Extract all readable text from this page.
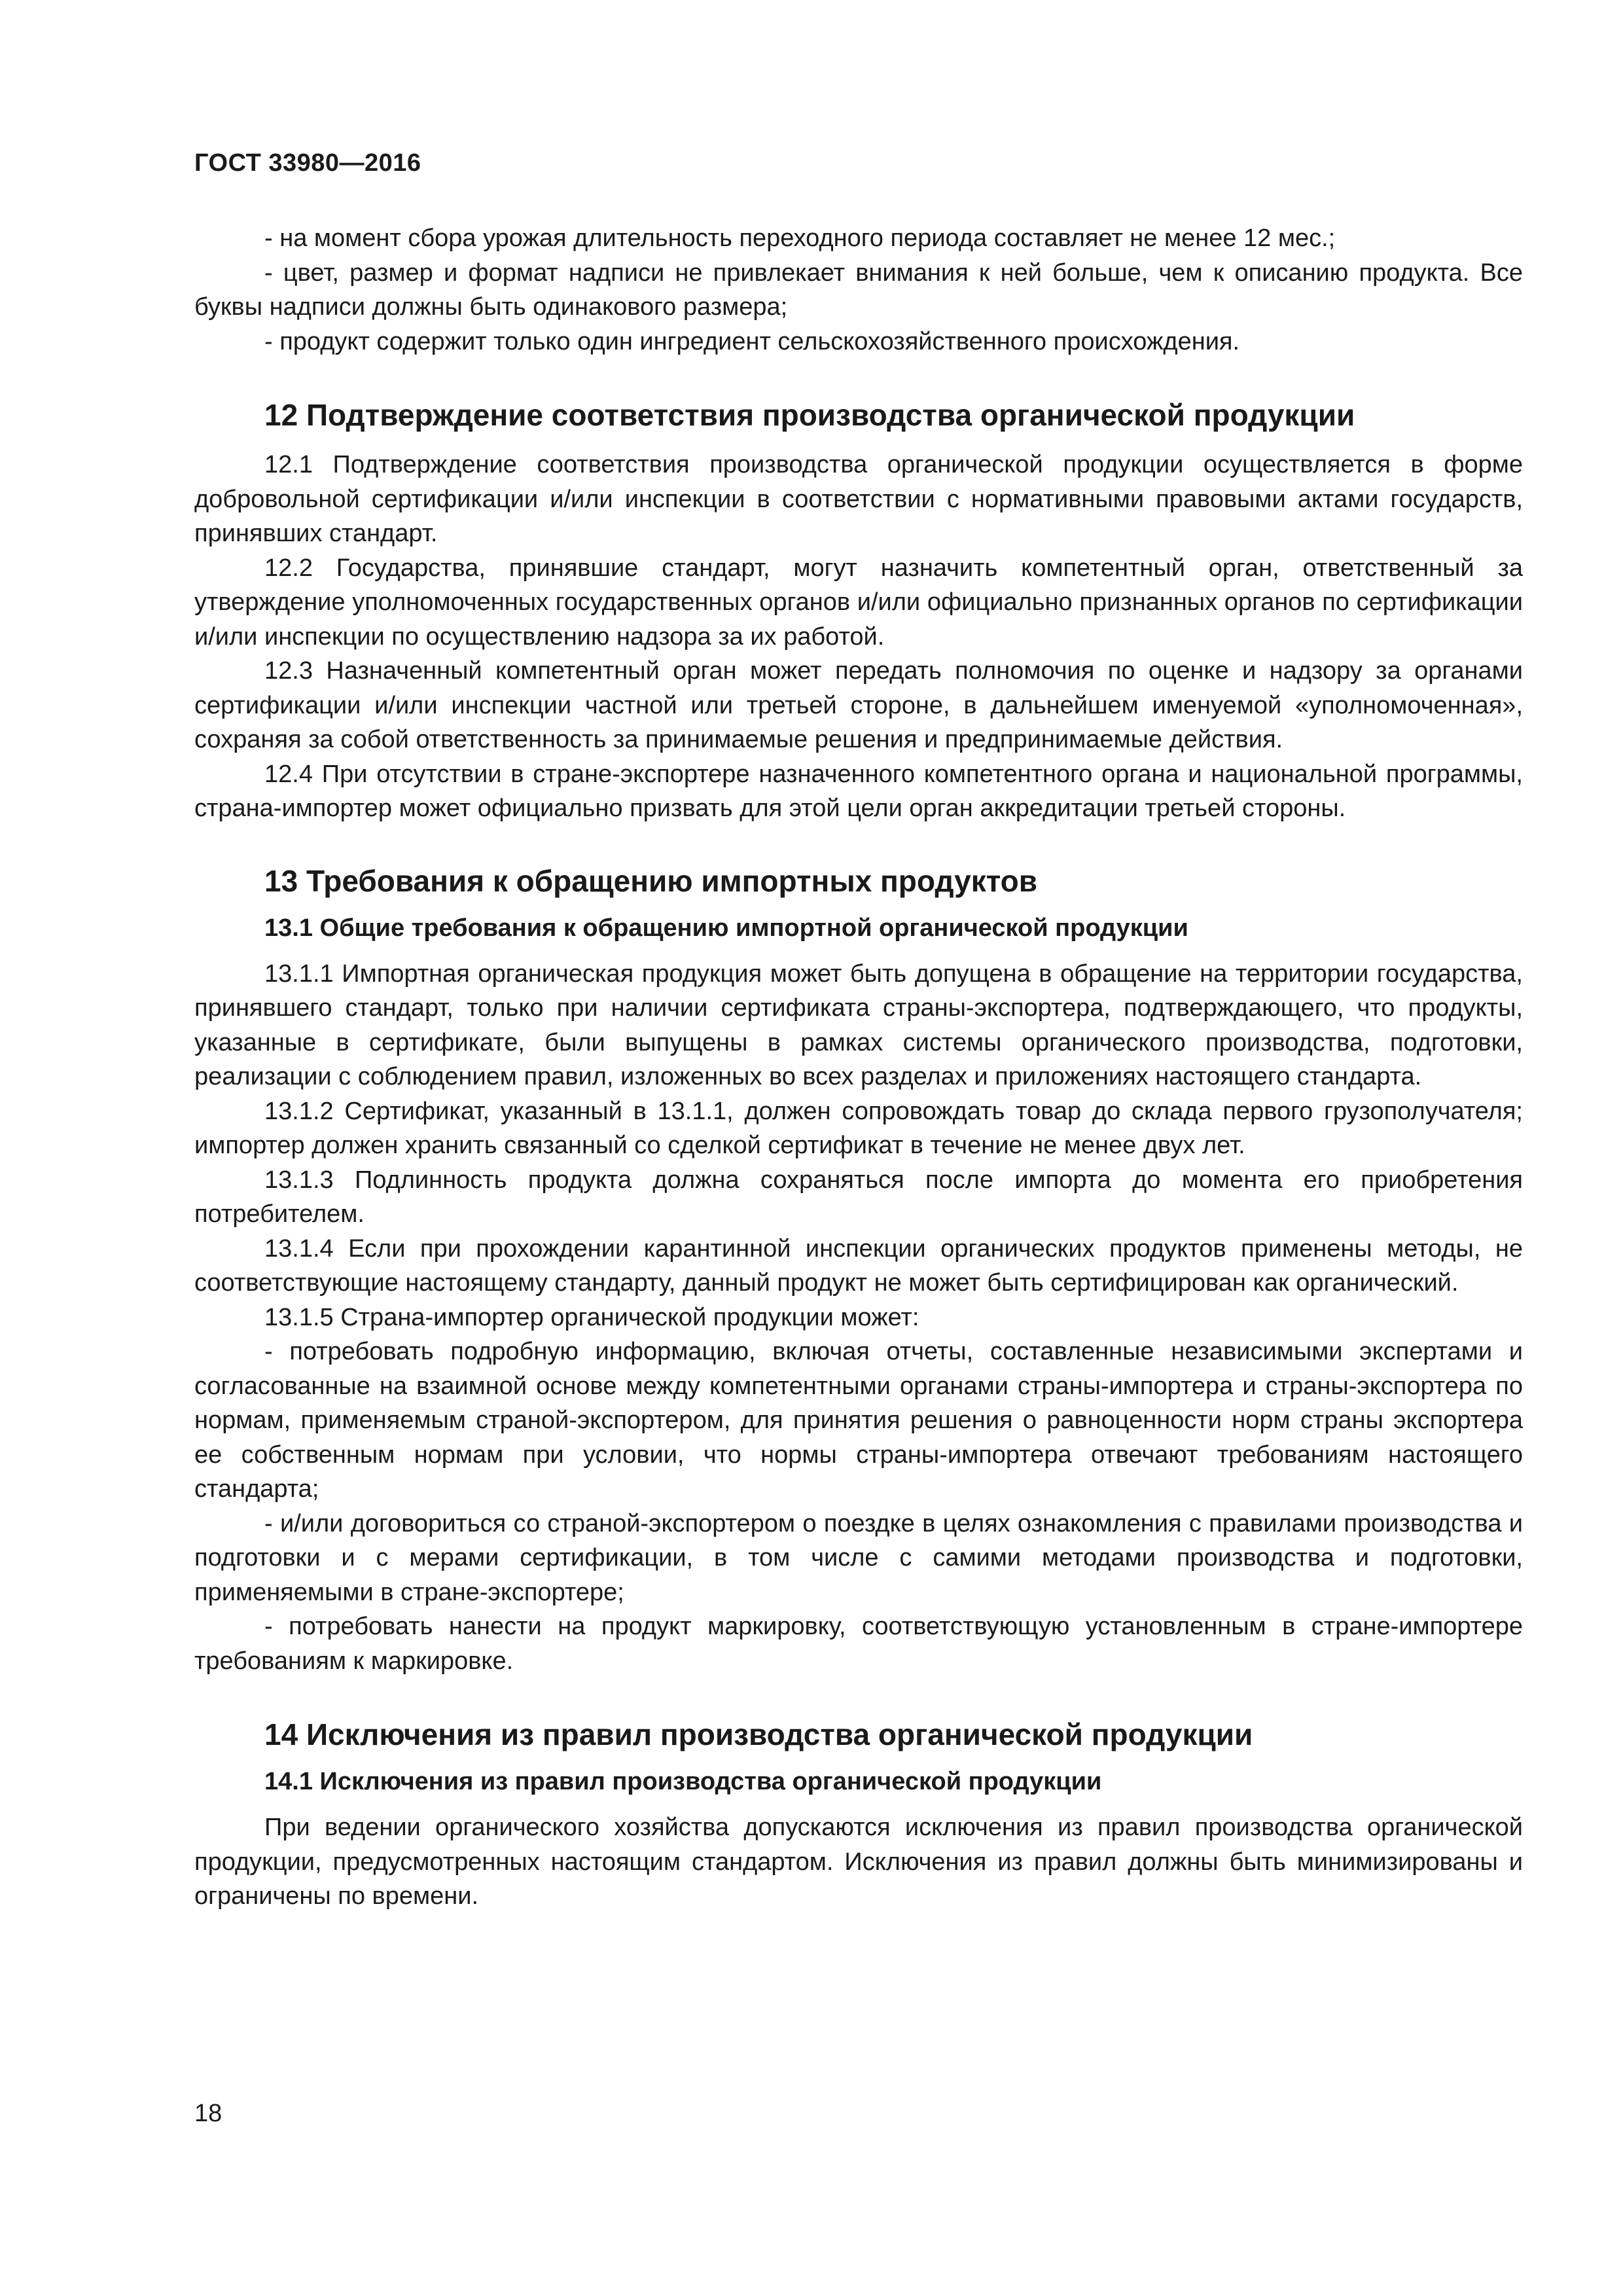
ГОСТ 33980—2016

- на момент сбора урожая длительность переходного периода составляет не менее 12 мес.;

- цвет, размер и формат надписи не привлекает внимания к ней больше, чем к описанию продукта. Все буквы надписи должны быть одинакового размера;

- продукт содержит только один ингредиент сельскохозяйственного происхождения.

12 Подтверждение соответствия производства органической продукции

12.1 Подтверждение соответствия производства органической продукции осуществляется в форме добровольной сертификации и/или инспекции в соответствии с нормативными правовыми актами государств, принявших стандарт.

12.2 Государства, принявшие стандарт, могут назначить компетентный орган, ответственный за утверждение уполномоченных государственных органов и/или официально признанных органов по сертификации и/или инспекции по осуществлению надзора за их работой.

12.3 Назначенный компетентный орган может передать полномочия по оценке и надзору за органами сертификации и/или инспекции частной или третьей стороне, в дальнейшем именуемой «уполномоченная», сохраняя за собой ответственность за принимаемые решения и предпринимаемые действия.

12.4 При отсутствии в стране-экспортере назначенного компетентного органа и национальной программы, страна-импортер может официально призвать для этой цели орган аккредитации третьей стороны.

13 Требования к обращению импортных продуктов
13.1 Общие требования к обращению импортной органической продукции

13.1.1 Импортная органическая продукция может быть допущена в обращение на территории государства, принявшего стандарт, только при наличии сертификата страны-экспортера, подтверждающего, что продукты, указанные в сертификате, были выпущены в рамках системы органического производства, подготовки, реализации с соблюдением правил, изложенных во всех разделах и приложениях настоящего стандарта.

13.1.2 Сертификат, указанный в 13.1.1, должен сопровождать товар до склада первого грузополучателя; импортер должен хранить связанный со сделкой сертификат в течение не менее двух лет.

13.1.3 Подлинность продукта должна сохраняться после импорта до момента его приобретения потребителем.

13.1.4 Если при прохождении карантинной инспекции органических продуктов применены методы, не соответствующие настоящему стандарту, данный продукт не может быть сертифицирован как органический.

13.1.5 Страна-импортер органической продукции может:

- потребовать подробную информацию, включая отчеты, составленные независимыми экспертами и согласованные на взаимной основе между компетентными органами страны-импортера и страны-экспортера по нормам, применяемым страной-экспортером, для принятия решения о равноценности норм страны экспортера ее собственным нормам при условии, что нормы страны-импортера отвечают требованиям настоящего стандарта;

- и/или договориться со страной-экспортером о поездке в целях ознакомления с правилами производства и подготовки и с мерами сертификации, в том числе с самими методами производства и подготовки, применяемыми в стране-экспортере;

- потребовать нанести на продукт маркировку, соответствующую установленным в стране-импортере требованиям к маркировке.

14 Исключения из правил производства органической продукции
14.1 Исключения из правил производства органической продукции

При ведении органического хозяйства допускаются исключения из правил производства органической продукции, предусмотренных настоящим стандартом. Исключения из правил должны быть минимизированы и ограничены по времени.

18
